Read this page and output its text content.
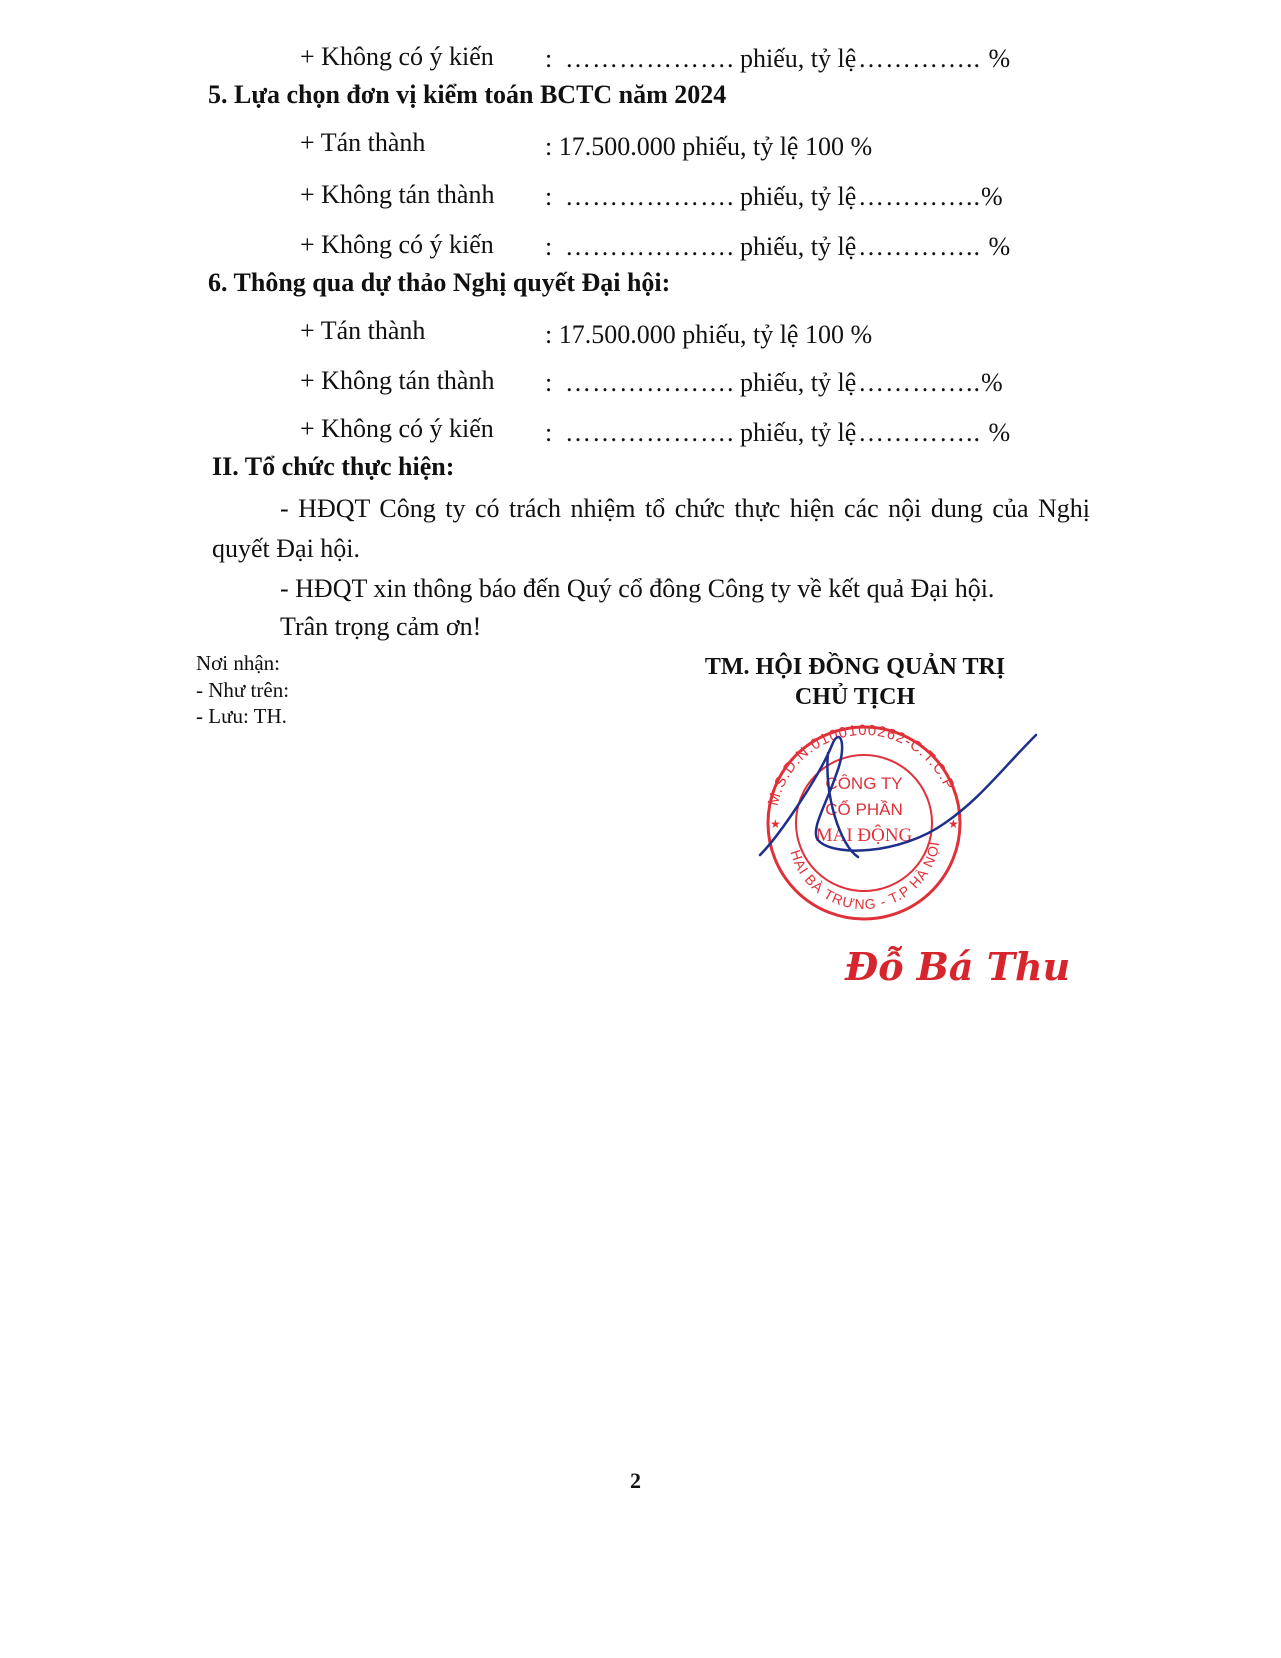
+ Không có ý kiến : ………………. phiếu, tỷ lệ ………….. %
5. Lựa chọn đơn vị kiểm toán BCTC năm 2024
+ Tán thành	: 17.500.000 phiếu, tỷ lệ 100 %
+ Không tán thành : ………………. phiếu, tỷ lệ …………..%
+ Không có ý kiến : ………………. phiếu, tỷ lệ ………….. %
6. Thông qua dự thảo Nghị quyết Đại hội:
+ Tán thành	: 17.500.000 phiếu, tỷ lệ 100 %
+ Không tán thành : ………………. phiếu, tỷ lệ …………..%
+ Không có ý kiến : ………………. phiếu, tỷ lệ ………….. %
II. Tổ chức thực hiện:
- HĐQT Công ty có trách nhiệm tổ chức thực hiện các nội dung của Nghị
quyết Đại hội.
- HĐQT xin thông báo đến Quý cổ đông Công ty về kết quả Đại hội.
Trân trọng cảm ơn!
Nơi nhận:
- Như trên:
- Lưu: TH.
TM. HỘI ĐỒNG QUẢN TRỊ
CHỦ TỊCH
M.S.D.N:0100100262-C.T.C.P
HAI BÀ TRƯNG - T.P HÀ NỘI
★	★
CÔNG TY
CỔ PHẦN
MAI ĐỘNG
Đỗ Bá Thu
2
